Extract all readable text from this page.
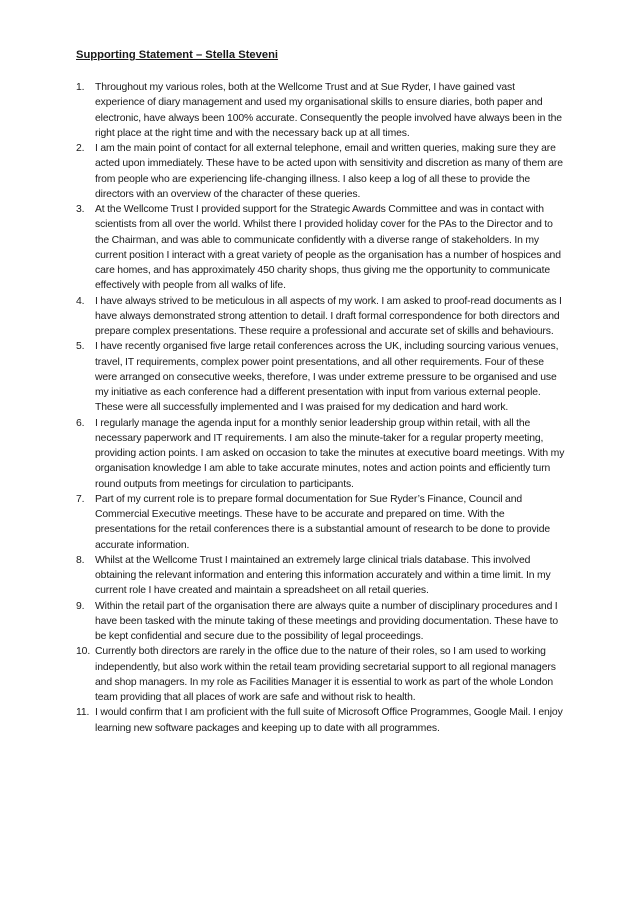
Supporting Statement – Stella Steveni
1. Throughout my various roles, both at the Wellcome Trust and at Sue Ryder, I have gained vast experience of diary management and used my organisational skills to ensure diaries, both paper and electronic, have always been 100% accurate. Consequently the people involved have always been in the right place at the right time and with the necessary back up at all times.
2. I am the main point of contact for all external telephone, email and written queries, making sure they are acted upon immediately. These have to be acted upon with sensitivity and discretion as many of them are from people who are experiencing life-changing illness. I also keep a log of all these to provide the directors with an overview of the character of these queries.
3. At the Wellcome Trust I provided support for the Strategic Awards Committee and was in contact with scientists from all over the world. Whilst there I provided holiday cover for the PAs to the Director and to the Chairman, and was able to communicate confidently with a diverse range of stakeholders. In my current position I interact with a great variety of people as the organisation has a number of hospices and care homes, and has approximately 450 charity shops, thus giving me the opportunity to communicate effectively with people from all walks of life.
4. I have always strived to be meticulous in all aspects of my work. I am asked to proof-read documents as I have always demonstrated strong attention to detail. I draft formal correspondence for both directors and prepare complex presentations. These require a professional and accurate set of skills and behaviours.
5. I have recently organised five large retail conferences across the UK, including sourcing various venues, travel, IT requirements, complex power point presentations, and all other requirements. Four of these were arranged on consecutive weeks, therefore, I was under extreme pressure to be organised and use my initiative as each conference had a different presentation with input from various external people. These were all successfully implemented and I was praised for my dedication and hard work.
6. I regularly manage the agenda input for a monthly senior leadership group within retail, with all the necessary paperwork and IT requirements. I am also the minute-taker for a regular property meeting, providing action points. I am asked on occasion to take the minutes at executive board meetings. With my organisation knowledge I am able to take accurate minutes, notes and action points and efficiently turn round outputs from meetings for circulation to participants.
7. Part of my current role is to prepare formal documentation for Sue Ryder’s Finance, Council and Commercial Executive meetings. These have to be accurate and prepared on time. With the presentations for the retail conferences there is a substantial amount of research to be done to provide accurate information.
8. Whilst at the Wellcome Trust I maintained an extremely large clinical trials database. This involved obtaining the relevant information and entering this information accurately and within a time limit. In my current role I have created and maintain a spreadsheet on all retail queries.
9. Within the retail part of the organisation there are always quite a number of disciplinary procedures and I have been tasked with the minute taking of these meetings and providing documentation. These have to be kept confidential and secure due to the possibility of legal proceedings.
10. Currently both directors are rarely in the office due to the nature of their roles, so I am used to working independently, but also work within the retail team providing secretarial support to all regional managers and shop managers. In my role as Facilities Manager it is essential to work as part of the whole London team providing that all places of work are safe and without risk to health.
11. I would confirm that I am proficient with the full suite of Microsoft Office Programmes, Google Mail. I enjoy learning new software packages and keeping up to date with all programmes.
